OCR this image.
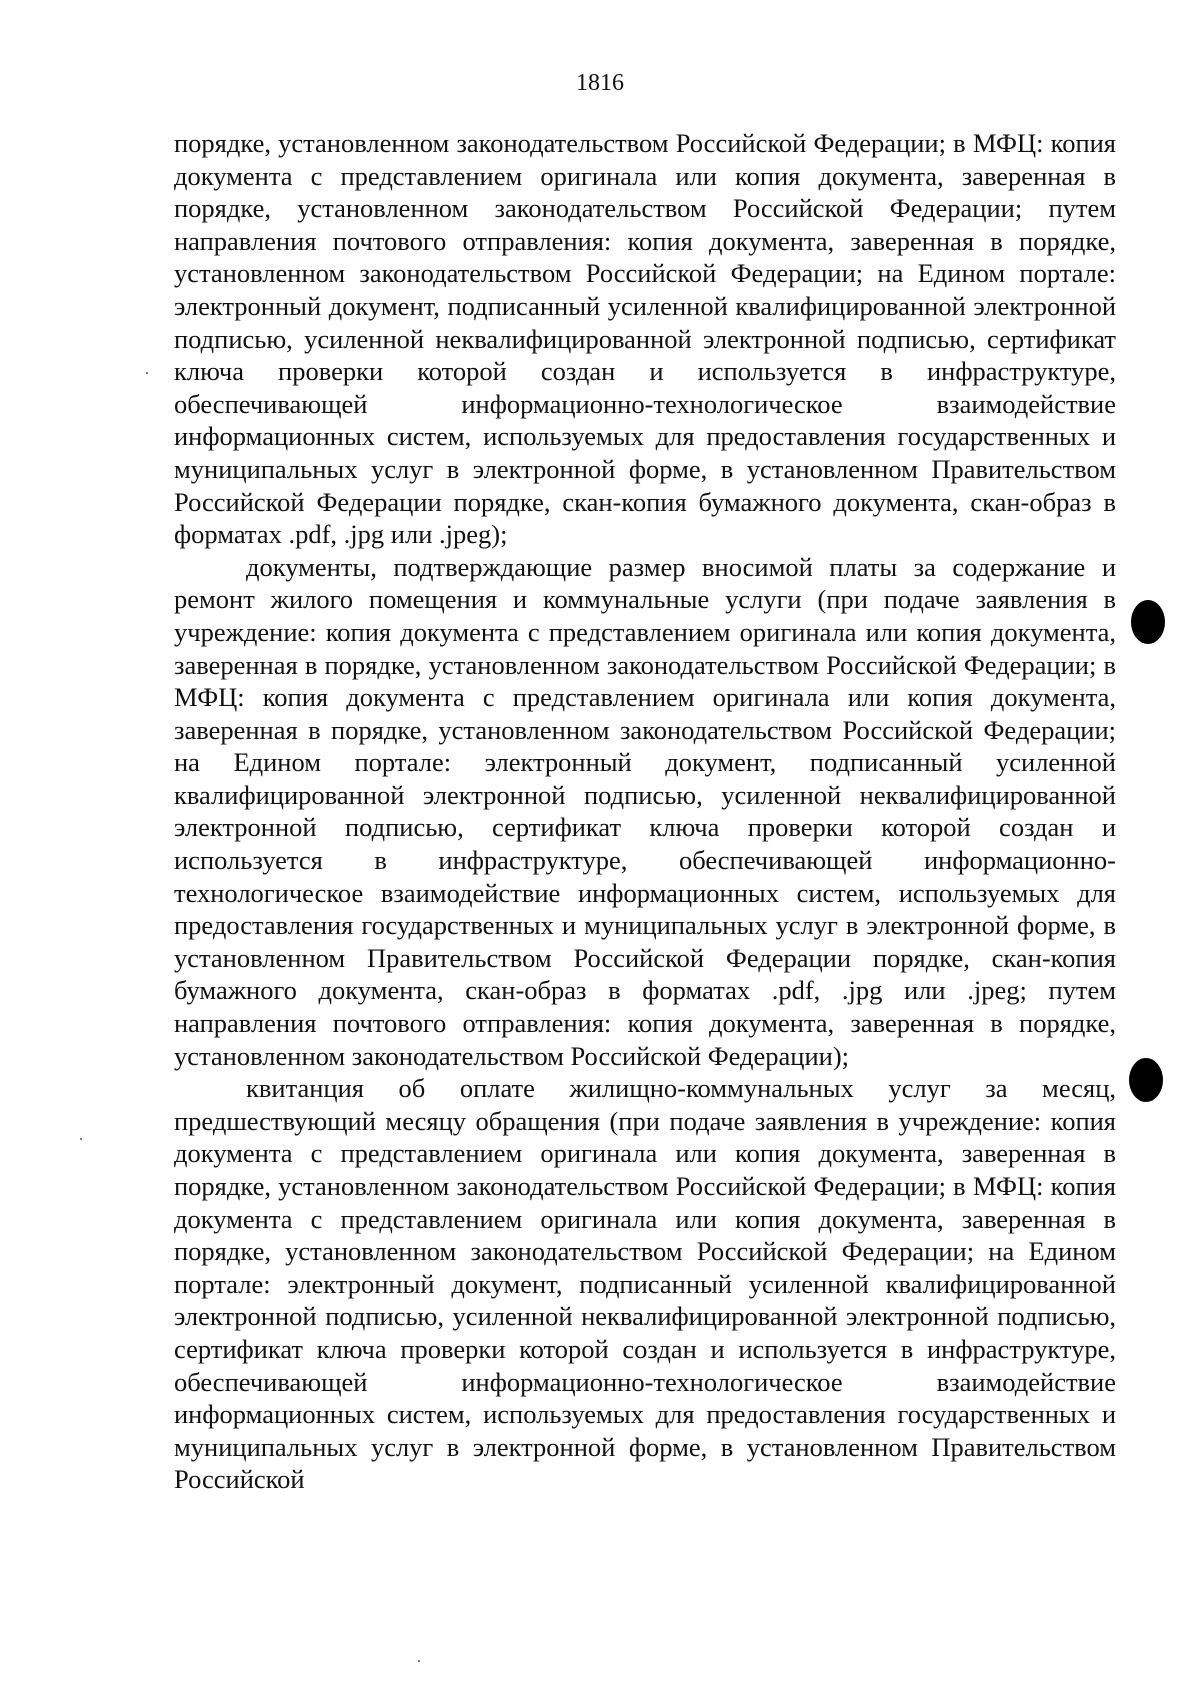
1816

порядке, установленном законодательством Российской Федерации; в МФЦ: копия документа с представлением оригинала или копия документа, заверенная в порядке, установленном законодательством Российской Федерации; путем направления почтового отправления: копия документа, заверенная в порядке, установленном законодательством Российской Федерации; на Едином портале: электронный документ, подписанный усиленной квалифицированной электронной подписью, усиленной неквалифицированной электронной подписью, сертификат ключа проверки которой создан и используется в инфраструктуре, обеспечивающей информационно-технологическое взаимодействие информационных систем, используемых для предоставления государственных и муниципальных услуг в электронной форме, в установленном Правительством Российской Федерации порядке, скан-копия бумажного документа, скан-образ в форматах .pdf, .jpg или .jpeg);

документы, подтверждающие размер вносимой платы за содержание и ремонт жилого помещения и коммунальные услуги (при подаче заявления в учреждение: копия документа с представлением оригинала или копия документа, заверенная в порядке, установленном законодательством Российской Федерации; в МФЦ: копия документа с представлением оригинала или копия документа, заверенная в порядке, установленном законодательством Российской Федерации; на Едином портале: электронный документ, подписанный усиленной квалифицированной электронной подписью, усиленной неквалифицированной электронной подписью, сертификат ключа проверки которой создан и используется в инфраструктуре, обеспечивающей информационно-технологическое взаимодействие информационных систем, используемых для предоставления государственных и муниципальных услуг в электронной форме, в установленном Правительством Российской Федерации порядке, скан-копия бумажного документа, скан-образ в форматах .pdf, .jpg или .jpeg; путем направления почтового отправления: копия документа, заверенная в порядке, установленном законодательством Российской Федерации);

квитанция об оплате жилищно-коммунальных услуг за месяц, предшествующий месяцу обращения (при подаче заявления в учреждение: копия документа с представлением оригинала или копия документа, заверенная в порядке, установленном законодательством Российской Федерации; в МФЦ: копия документа с представлением оригинала или копия документа, заверенная в порядке, установленном законодательством Российской Федерации; на Едином портале: электронный документ, подписанный усиленной квалифицированной электронной подписью, усиленной неквалифицированной электронной подписью, сертификат ключа проверки которой создан и используется в инфраструктуре, обеспечивающей информационно-технологическое взаимодействие информационных систем, используемых для предоставления государственных и муниципальных услуг в электронной форме, в установленном Правительством Российской
